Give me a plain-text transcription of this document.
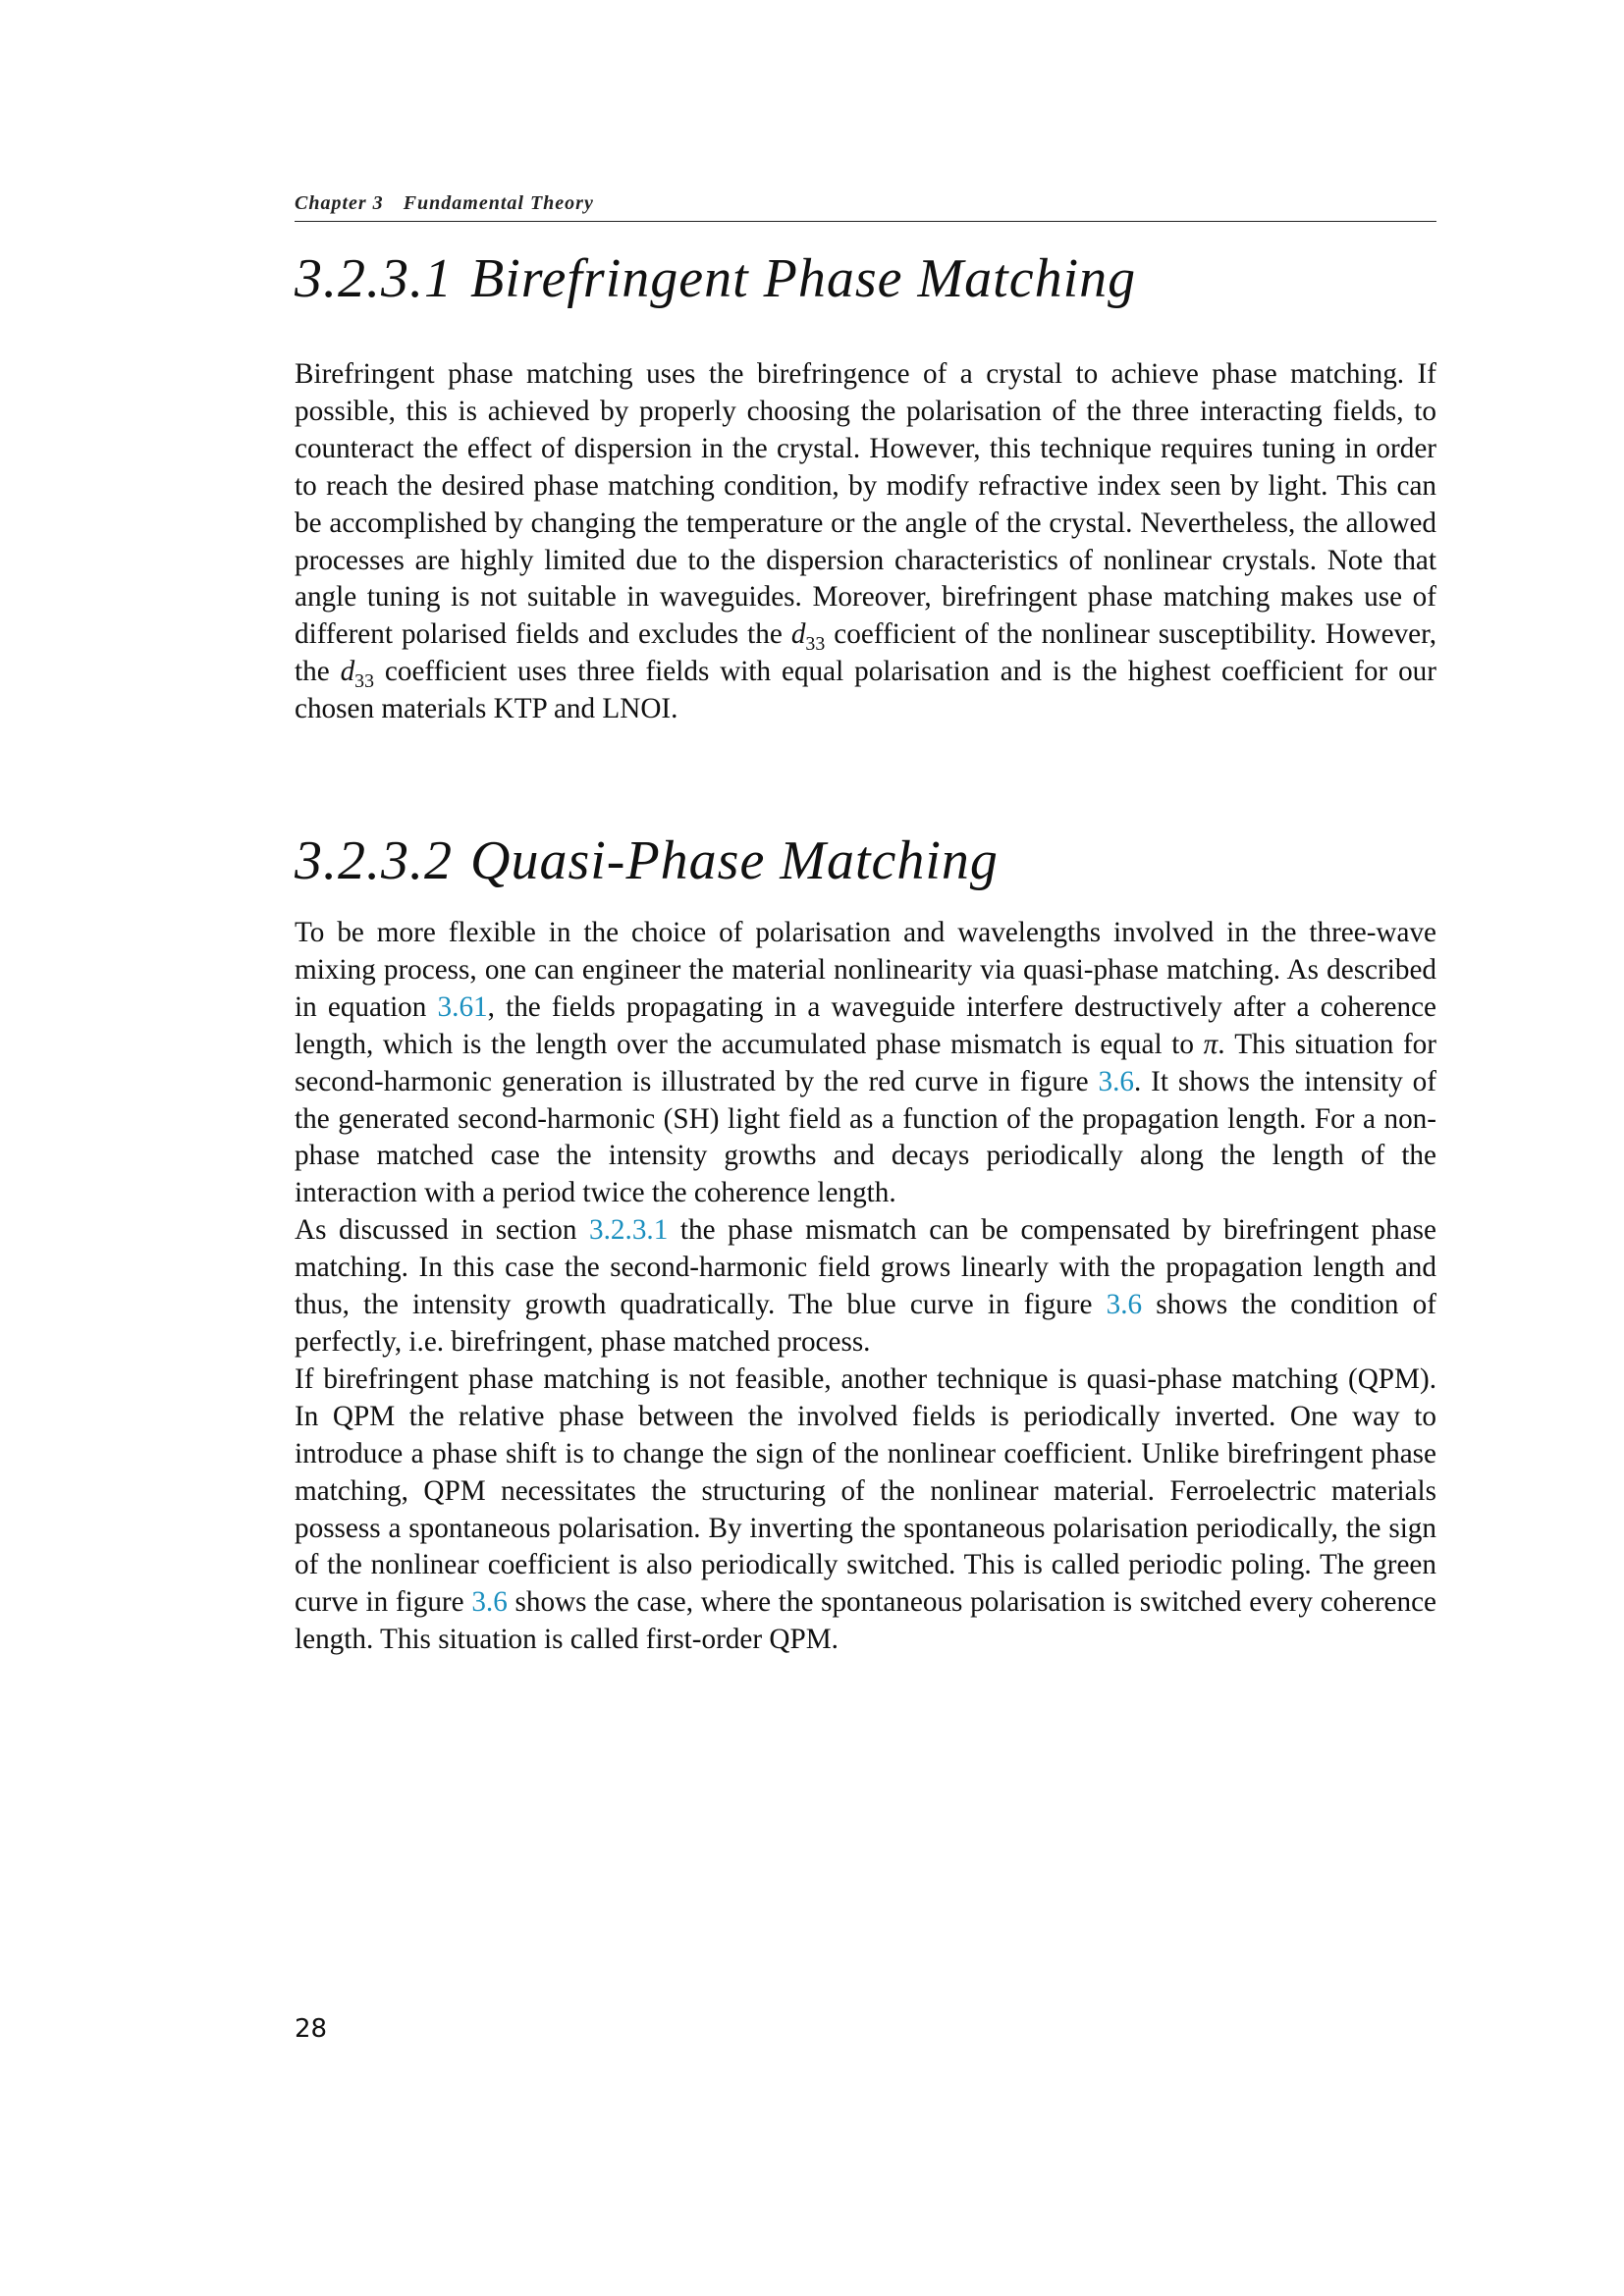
Chapter 3 Fundamental Theory
3.2.3.1 Birefringent Phase Matching

Birefringent phase matching uses the birefringence of a crystal to achieve phase matching. If possible, this is achieved by properly choosing the polarisation of the three interacting fields, to counteract the effect of dispersion in the crystal. However, this technique requires tuning in order to reach the desired phase matching condition, by modify refractive index seen by light. This can be accomplished by changing the temperature or the angle of the crystal. Nevertheless, the allowed processes are highly limited due to the dispersion characteristics of nonlinear crystals. Note that angle tuning is not suitable in waveguides. Moreover, birefringent phase matching makes use of different polarised fields and excludes the $d_{33}$ coefficient of the nonlinear susceptibility. However, the $d_{33}$ coefficient uses three fields with equal polarisation and is the highest coefficient for our chosen materials KTP and LNOI.

3.2.3.2 Quasi-Phase Matching

To be more flexible in the choice of polarisation and wavelengths involved in the three-wave mixing process, one can engineer the material nonlinearity via quasi-phase matching. As described in equation 3.61, the fields propagating in a waveguide interfere destructively after a coherence length, which is the length over the accumulated phase mismatch is equal to π. This situation for second-harmonic generation is illustrated by the red curve in figure 3.6. It shows the intensity of the generated second-harmonic (SH) light field as a function of the propagation length. For a non-phase matched case the intensity growths and decays periodically along the length of the interaction with a period twice the coherence length.

As discussed in section 3.2.3.1 the phase mismatch can be compensated by birefringent phase matching. In this case the second-harmonic field grows linearly with the propagation length and thus, the intensity growth quadratically. The blue curve in figure 3.6 shows the condition of perfectly, i.e. birefringent, phase matched process.

If birefringent phase matching is not feasible, another technique is quasi-phase matching (QPM). In QPM the relative phase between the involved fields is periodically inverted. One way to introduce a phase shift is to change the sign of the nonlinear coefficient. Unlike birefringent phase matching, QPM necessitates the structuring of the nonlinear material. Ferroelectric materials possess a spontaneous polarisation. By inverting the spontaneous polarisation periodically, the sign of the nonlinear coefficient is also periodically switched. This is called periodic poling. The green curve in figure 3.6 shows the case, where the spontaneous polarisation is switched every coherence length. This situation is called first-order QPM.

28
